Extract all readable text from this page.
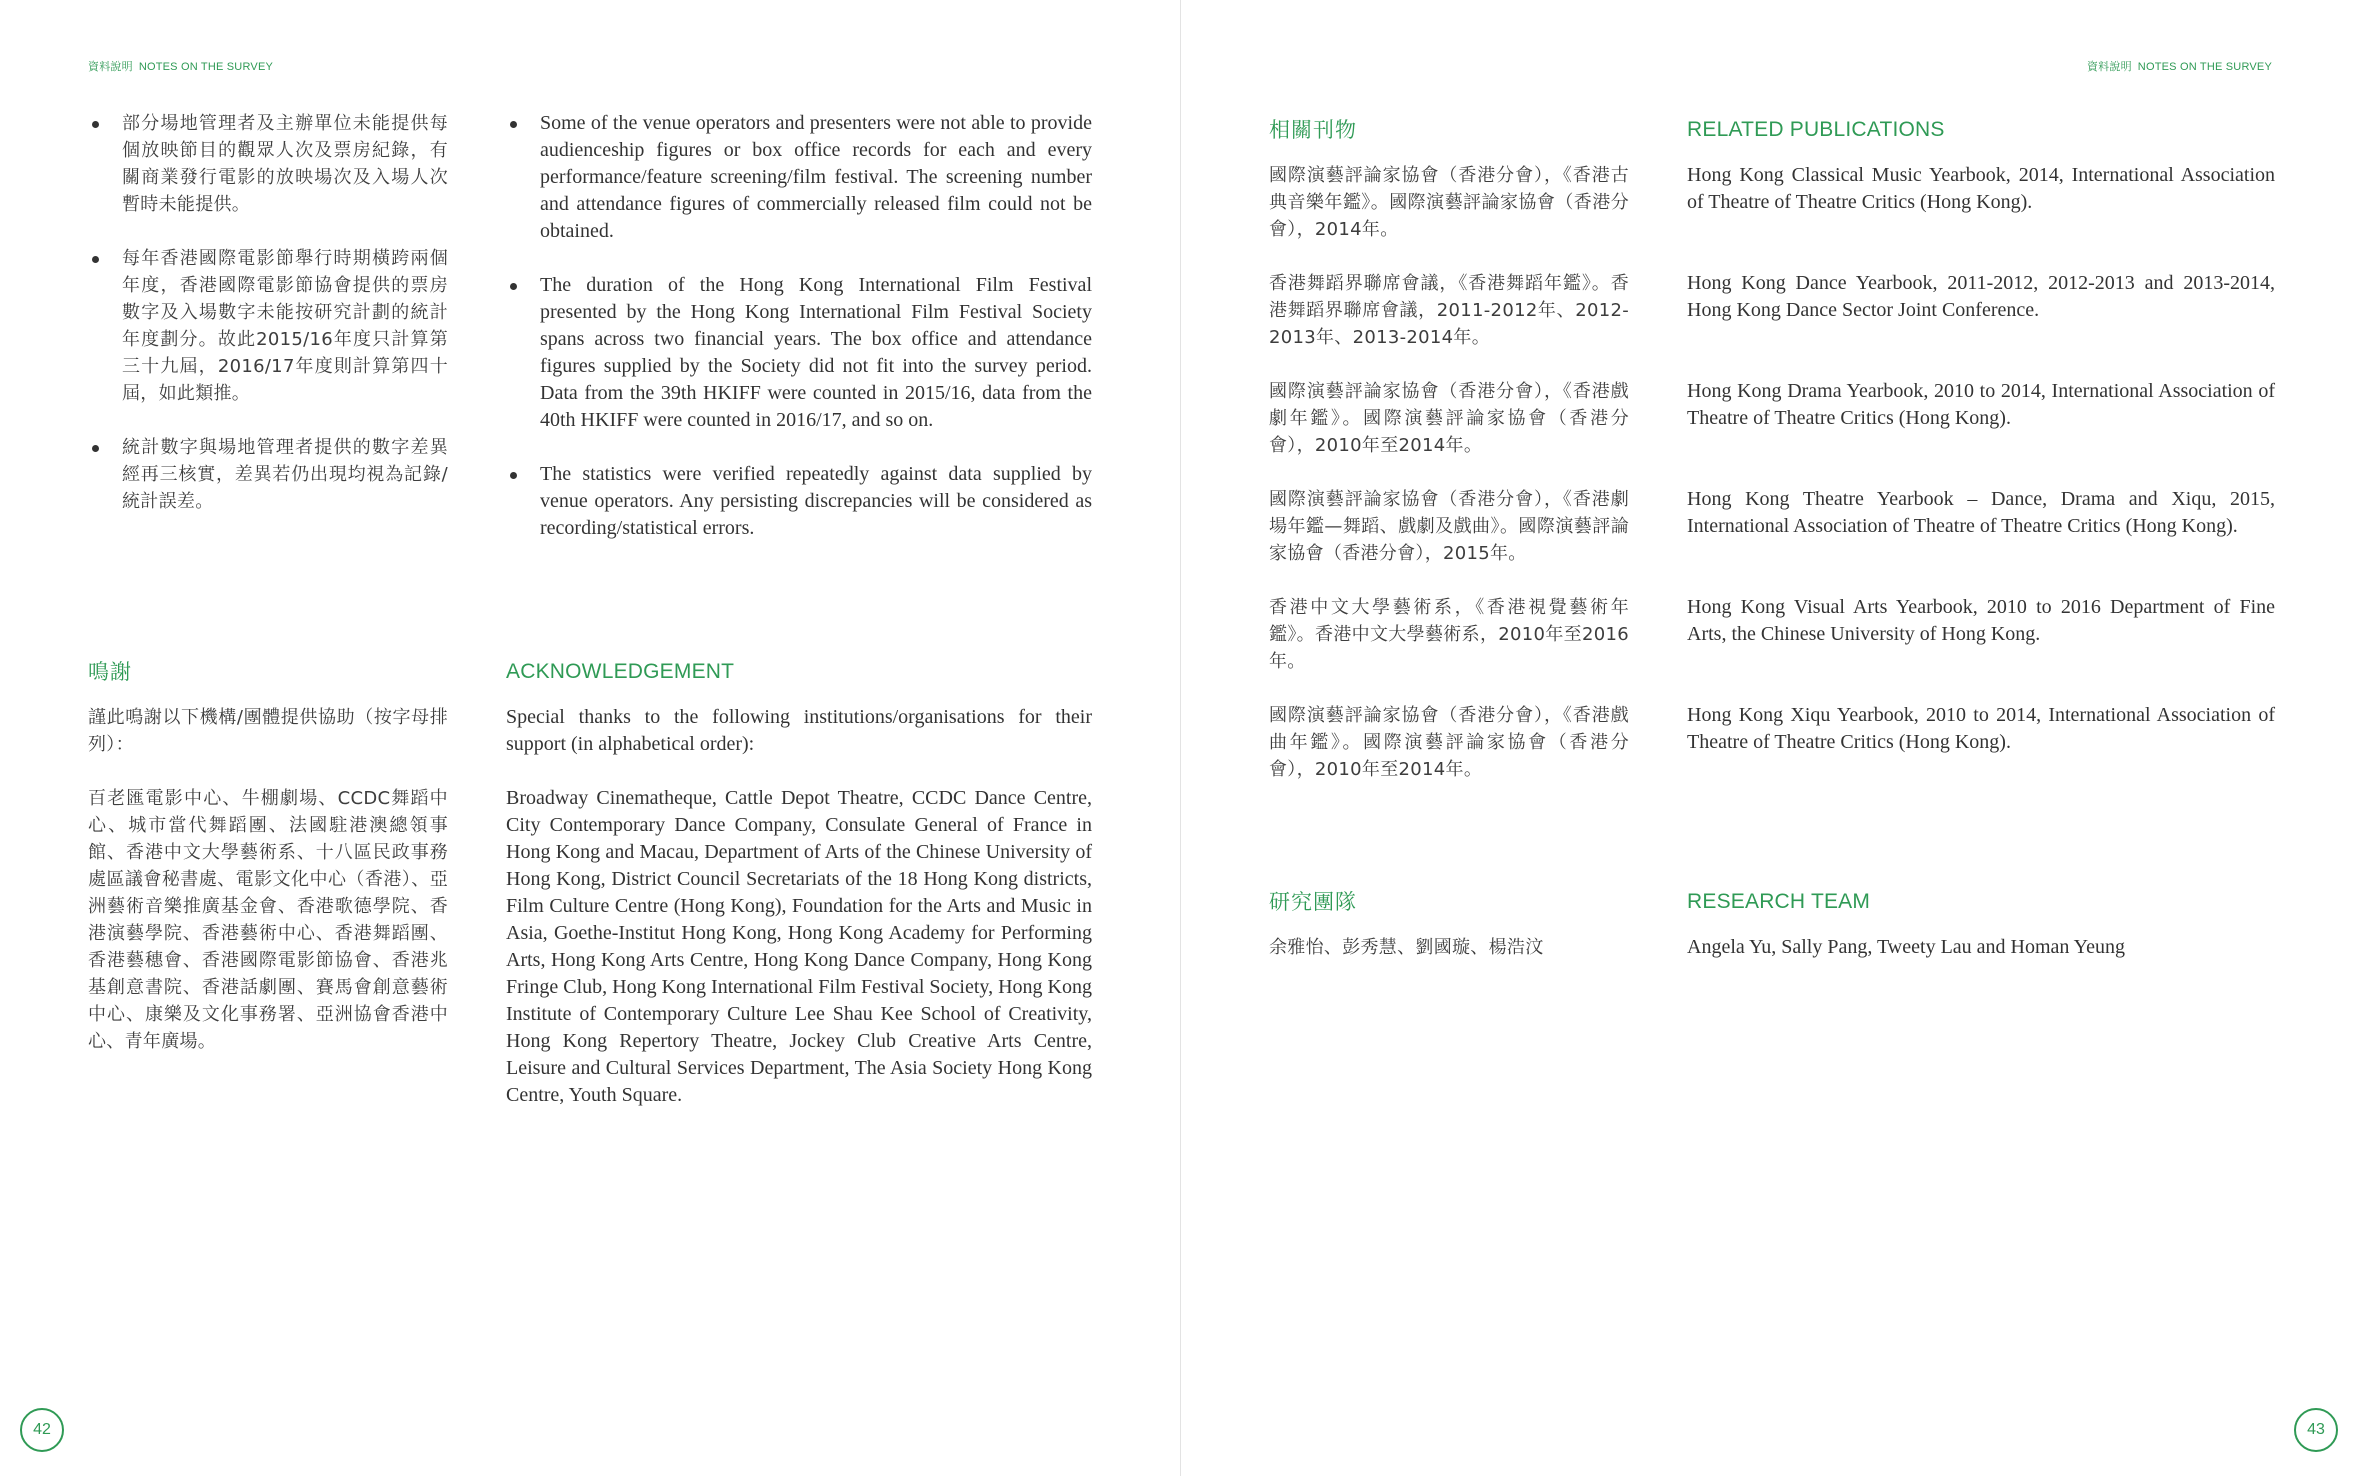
資料說明 NOTES ON THE SURVEY
部分場地管理者及主辦單位未能提供每個放映節目的觀眾人次及票房紀錄，有關商業發行電影的放映場次及入場人次暫時未能提供。
每年香港國際電影節舉行時期橫跨兩個年度，香港國際電影節協會提供的票房數字及入場數字未能按研究計劃的統計年度劃分。故此2015/16年度只計算第三十九屆，2016/17年度則計算第四十屆，如此類推。
統計數字與場地管理者提供的數字差異經再三核實，差異若仍出現均視為記錄/統計誤差。
Some of the venue operators and presenters were not able to provide audienceship figures or box office records for each and every performance/feature screening/film festival. The screening number and attendance figures of commercially released film could not be obtained.
The duration of the Hong Kong International Film Festival presented by the Hong Kong International Film Festival Society spans across two financial years. The box office and attendance figures supplied by the Society did not fit into the survey period. Data from the 39th HKIFF were counted in 2015/16, data from the 40th HKIFF were counted in 2016/17, and so on.
The statistics were verified repeatedly against data supplied by venue operators. Any persisting discrepancies will be considered as recording/statistical errors.
鳴謝

謹此鳴謝以下機構/團體提供協助（按字母排列）：

百老匯電影中心、牛棚劇場、CCDC舞蹈中心、城市當代舞蹈團、法國駐港澳總領事館、香港中文大學藝術系、十八區民政事務處區議會秘書處、電影文化中心（香港）、亞洲藝術音樂推廣基金會、香港歌德學院、香港演藝學院、香港藝術中心、香港舞蹈團、香港藝穗會、香港國際電影節協會、香港兆基創意書院、香港話劇團、賽馬會創意藝術中心、康樂及文化事務署、亞洲協會香港中心、青年廣場。

ACKNOWLEDGEMENT

Special thanks to the following institutions/organisations for their support (in alphabetical order):

Broadway Cinematheque, Cattle Depot Theatre, CCDC Dance Centre, City Contemporary Dance Company, Consulate General of France in Hong Kong and Macau, Department of Arts of the Chinese University of Hong Kong, District Council Secretariats of the 18 Hong Kong districts, Film Culture Centre (Hong Kong), Foundation for the Arts and Music in Asia, Goethe-Institut Hong Kong, Hong Kong Academy for Performing Arts, Hong Kong Arts Centre, Hong Kong Dance Company, Hong Kong Fringe Club, Hong Kong International Film Festival Society, Hong Kong Institute of Contemporary Culture Lee Shau Kee School of Creativity, Hong Kong Repertory Theatre, Jockey Club Creative Arts Centre, Leisure and Cultural Services Department, The Asia Society Hong Kong Centre, Youth Square.

42
資料說明 NOTES ON THE SURVEY
相關刊物

國際演藝評論家協會（香港分會），《香港古典音樂年鑑》。國際演藝評論家協會（香港分會），2014年。

香港舞蹈界聯席會議，《香港舞蹈年鑑》。香港舞蹈界聯席會議，2011-2012年、2012-2013年、2013-2014年。

國際演藝評論家協會（香港分會），《香港戲劇年鑑》。國際演藝評論家協會（香港分會），2010年至2014年。

國際演藝評論家協會（香港分會），《香港劇場年鑑—舞蹈、戲劇及戲曲》。國際演藝評論家協會（香港分會），2015年。

香港中文大學藝術系，《香港視覺藝術年鑑》。香港中文大學藝術系，2010年至2016年。

國際演藝評論家協會（香港分會），《香港戲曲年鑑》。國際演藝評論家協會（香港分會），2010年至2014年。

RELATED PUBLICATIONS

Hong Kong Classical Music Yearbook, 2014, International Association of Theatre of Theatre Critics (Hong Kong).

Hong Kong Dance Yearbook, 2011-2012, 2012-2013 and 2013-2014, Hong Kong Dance Sector Joint Conference.

Hong Kong Drama Yearbook, 2010 to 2014, International Association of Theatre of Theatre Critics (Hong Kong).

Hong Kong Theatre Yearbook – Dance, Drama and Xiqu, 2015, International Association of Theatre of Theatre Critics (Hong Kong).

Hong Kong Visual Arts Yearbook, 2010 to 2016 Department of Fine Arts, the Chinese University of Hong Kong.

Hong Kong Xiqu Yearbook, 2010 to 2014, International Association of Theatre of Theatre Critics (Hong Kong).

研究團隊

余雅怡、彭秀慧、劉國璇、楊浩汶

RESEARCH TEAM

Angela Yu, Sally Pang, Tweety Lau and Homan Yeung

43
